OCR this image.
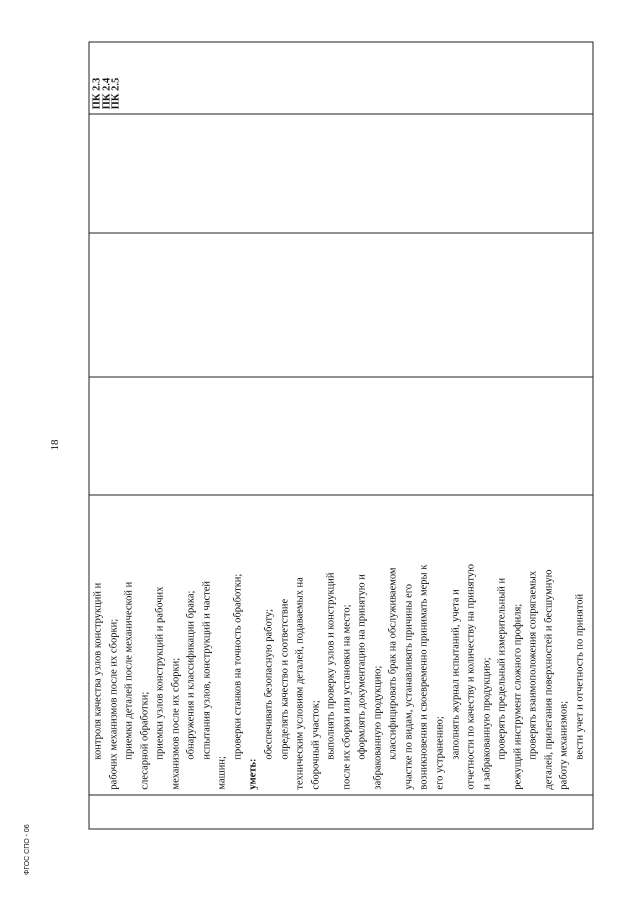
18
контроля качества узлов конструкций и рабочих механизмов после их сборки; приемки деталей после механической и слесарной обработки; приемки узлов конструкций и рабочих механизмов после их сборки; обнаружения и классификации брака; испытания узлов, конструкций и частей
машин;
проверки станков на точность обработки;
уметь:
обеспечивать безопасную работу; определять качество и соответствие техническим условиям деталей, подаваемых на сборочный участок; выполнять проверку узлов и конструкций после их сборки или установки на место; оформлять документацию на принятую и забракованную продукцию; классифицировать брак на обслуживаемом участке по видам, устанавливать причины его возникновения и своевременно принимать меры к его устранению; заполнять журнал испытаний, учета и отчетности по качеству и количеству на принятую и забракованную продукцию; проверять предельный измерительный и режущий инструмент сложного профиля; проверять взаимоположения сопрягаемых деталей, прилегания поверхностей и бесшумную работу механизмов; вести учет и отчетность по принятой
ПК 2.3
ПК 2.4
ПК 2.5
ФГОС СПО - 06
